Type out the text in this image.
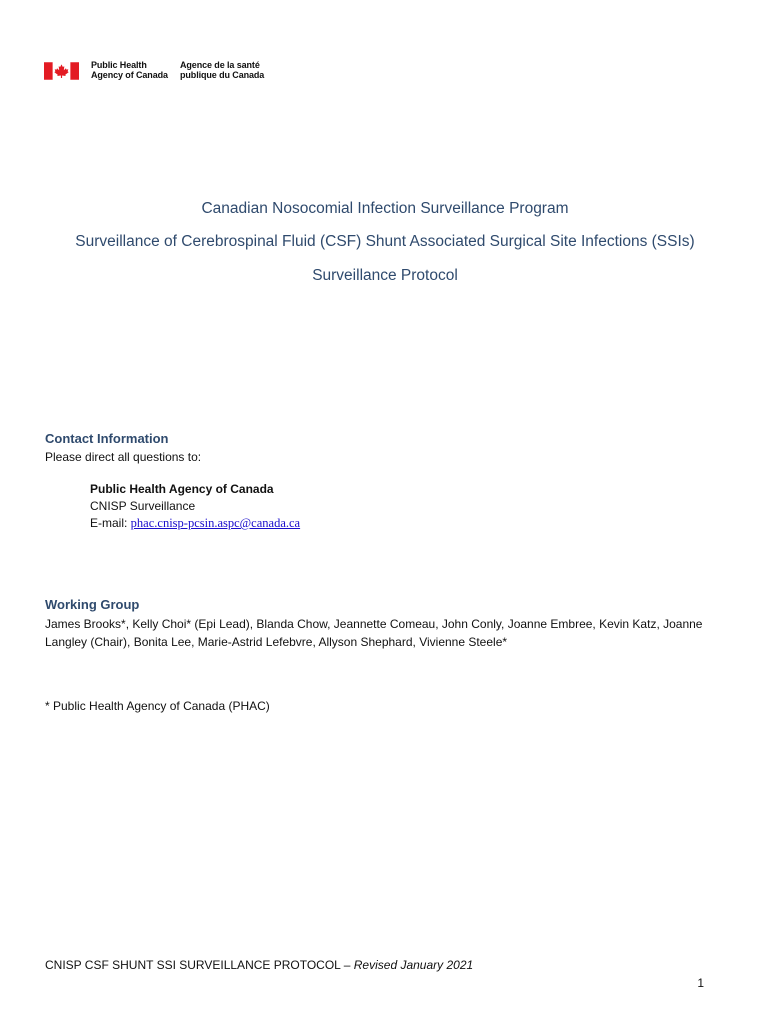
Public Health
Agency of Canada
Agence de la santé
publique du Canada
Canadian Nosocomial Infection Surveillance Program
Surveillance of Cerebrospinal Fluid (CSF) Shunt Associated Surgical Site Infections (SSIs)
Surveillance Protocol
Contact Information
Please direct all questions to:
Public Health Agency of Canada
CNISP Surveillance
E-mail: phac.cnisp-pcsin.aspc@canada.ca
Working Group
James Brooks*, Kelly Choi* (Epi Lead), Blanda Chow, Jeannette Comeau, John Conly, Joanne Embree, Kevin Katz, Joanne Langley (Chair), Bonita Lee, Marie-Astrid Lefebvre, Allyson Shephard, Vivienne Steele*
* Public Health Agency of Canada (PHAC)
CNISP CSF SHUNT SSI SURVEILLANCE PROTOCOL – Revised January 2021
1
